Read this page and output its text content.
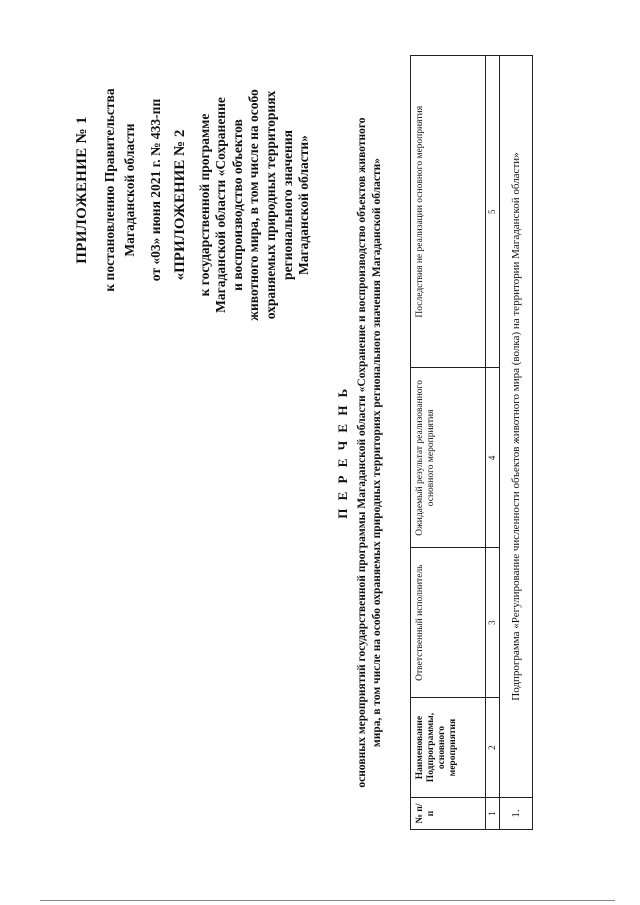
ПРИЛОЖЕНИЕ № 1 к постановлению Правительства Магаданской области от «03» июня 2021 г. № 433-пп «ПРИЛОЖЕНИЕ № 2 к государственной программе Магаданской области «Сохранение и воспроизводство объектов животного мира, в том числе на особо охраняемых природных территориях регионального значения Магаданской области»
П Е Р Е Ч Е Н Ь основных мероприятий государственной программы Магаданской области «Сохранение и воспроизводство объектов животного мира, в том числе на особо охраняемых природных территориях регионального значения Магаданской области»
№ п/п	Наименование Подпрограммы, основного мероприятия	Ответственный исполнитель	Ожидаемый результат реализованного основного мероприятия	Последствия не реализации основного мероприятия
1	2	3	4	5
1.	Подпрограмма «Регулирование численности объектов животного мира (волка) на территории Магаданской области»			
